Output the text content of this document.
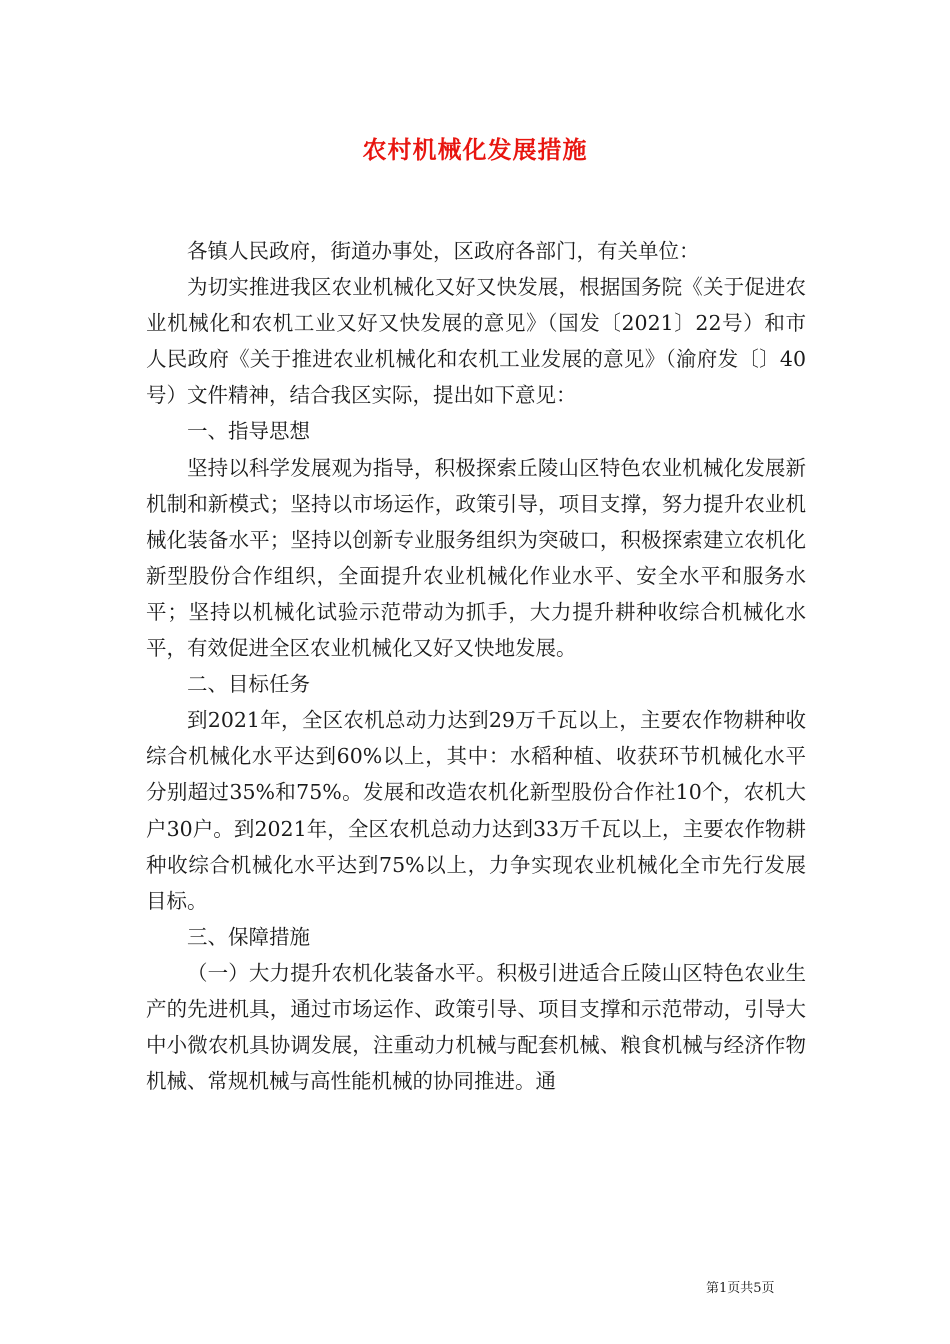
农村机械化发展措施

各镇人民政府，街道办事处，区政府各部门，有关单位：

为切实推进我区农业机械化又好又快发展，根据国务院《关于促进农业机械化和农机工业又好又快发展的意见》（国发〔2021〕22号）和市人民政府《关于推进农业机械化和农机工业发展的意见》（渝府发〔〕40号）文件精神，结合我区实际，提出如下意见：

一、指导思想

坚持以科学发展观为指导，积极探索丘陵山区特色农业机械化发展新机制和新模式；坚持以市场运作，政策引导，项目支撑，努力提升农业机械化装备水平；坚持以创新专业服务组织为突破口，积极探索建立农机化新型股份合作组织，全面提升农业机械化作业水平、安全水平和服务水平；坚持以机械化试验示范带动为抓手，大力提升耕种收综合机械化水平，有效促进全区农业机械化又好又快地发展。

二、目标任务

到2021年，全区农机总动力达到29万千瓦以上，主要农作物耕种收综合机械化水平达到60%以上，其中：水稻种植、收获环节机械化水平分别超过35%和75%。发展和改造农机化新型股份合作社10个，农机大户30户。到2021年，全区农机总动力达到33万千瓦以上，主要农作物耕种收综合机械化水平达到75%以上，力争实现农业机械化全市先行发展目标。

三、保障措施

（一）大力提升农机化装备水平。积极引进适合丘陵山区特色农业生产的先进机具，通过市场运作、政策引导、项目支撑和示范带动，引导大中小微农机具协调发展，注重动力机械与配套机械、粮食机械与经济作物机械、常规机械与高性能机械的协同推进。通

第1页共5页
